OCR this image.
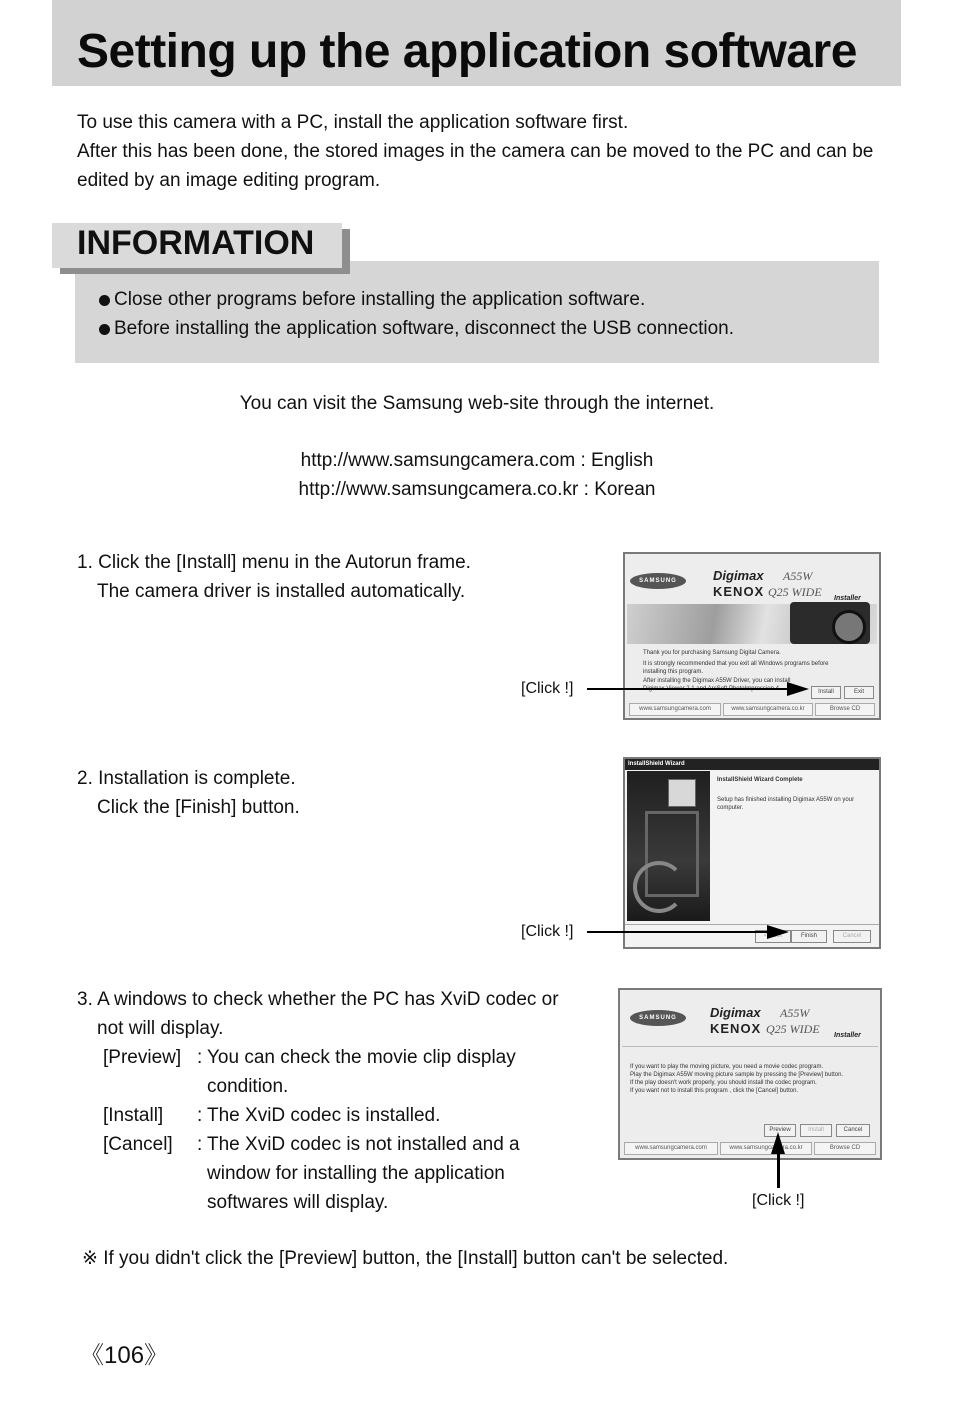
Setting up the application software

To use this camera with a PC, install the application software first.

After this has been done, the stored images in the camera can be moved to the PC and can be edited by an image editing program.

INFORMATION
Close other programs before installing the application software.
Before installing the application software, disconnect the USB connection.
You can visit the Samsung web-site through the internet.
http://www.samsungcamera.com : English
http://www.samsungcamera.co.kr : Korean
1. Click the [Install] menu in the Autorun frame.
The camera driver is installed automatically.	SAMSUNG	Digimax A55W
KENOX Q25 WIDE Installer
Thank you for purchasing Samsung Digital Camera.
It is strongly recommended that you exit all Windows programs before installing this program.
After installing the Digimax A55W Driver, you can install
Install	Exit
www.samsungcamera.com	www.samsungcamera.co.kr	Browse CD
[Click !]
2. Installation is complete.
Click the [Finish] button.
InstallShield Wizard
InstallShield Wizard Complete
Setup has finished installing Digimax A55W on your computer.
< Back	Finish	Cancel
[Click !]
3. A windows to check whether the PC has XviD codec or
not will display.
[Preview] : You can check the movie clip display
condition.
[Install]	: The XviD codec is installed.
[Cancel]	: The XviD codec is not installed and a
window for installing the application
softwares will display.
SAMSUNG	Digimax A55W
KENOX Q25 WIDE Installer
If you want to play the moving picture, you need a movie codec program.
Play the Digimax A55W moving picture sample by pressing the [Preview] button.
If the play doesn't work properly, you should install the codec program.
If you want not to install this program , click the [Cancel] button.
Preview	Install	Cancel
www.samsungcamera.com	www.samsungcamera.co.kr	Browse CD
[Click !]
※ If you didn't click the [Preview] button, the [Install] button can't be selected.
《106》
